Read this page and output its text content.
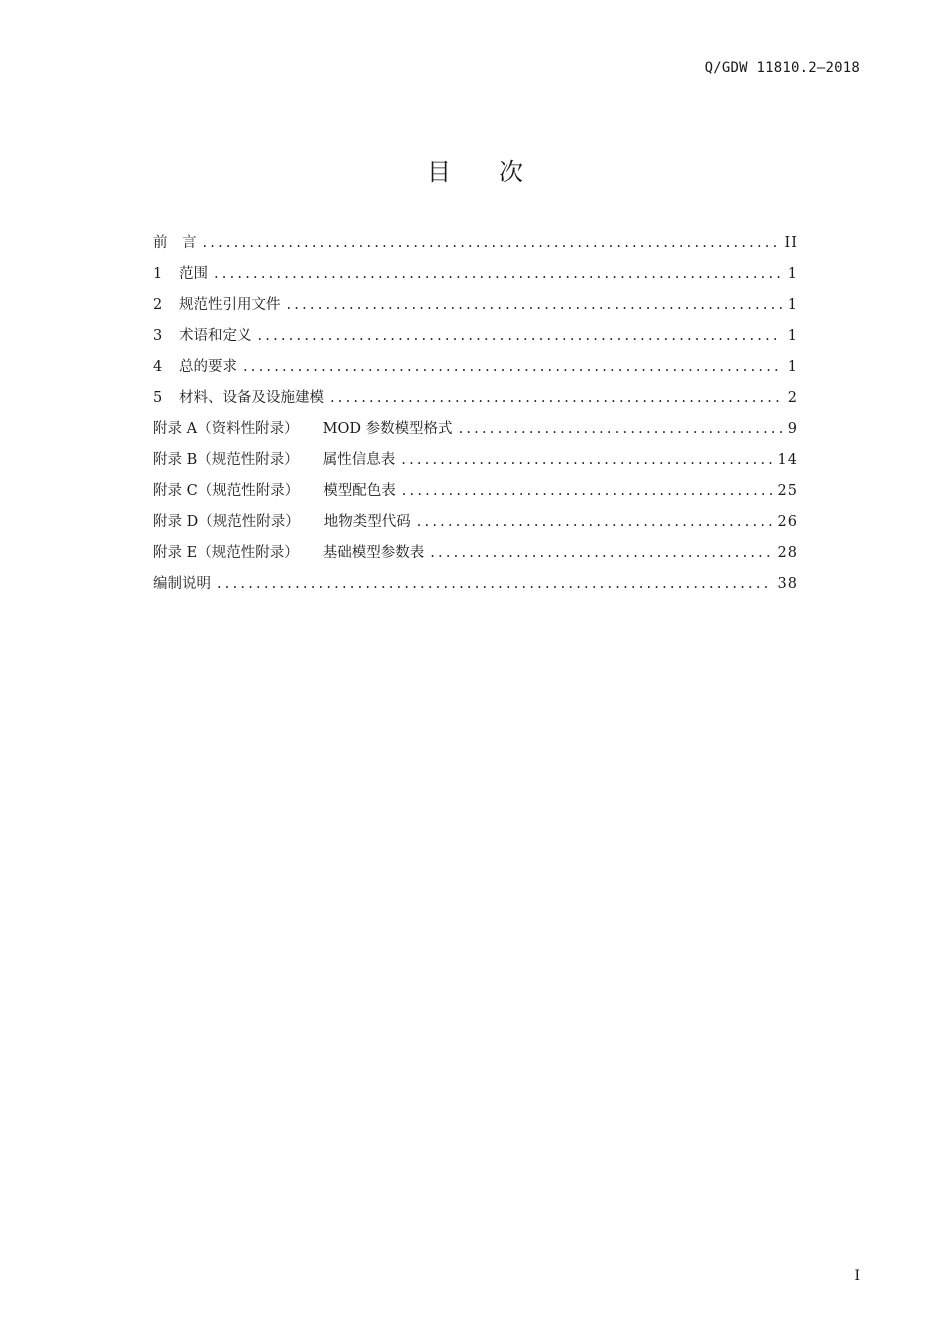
Q/GDW 11810.2—2018
目次
前　言 .....	II
1 范围 .....	1
2 规范性引用文件 .....	1
3 术语和定义 .....	1
4 总的要求 .....	1
5 材料、设备及设施建模 .....	2
附录 A（资料性附录） MOD 参数模型格式 .....	9
附录 B（规范性附录） 属性信息表 .....	14
附录 C（规范性附录） 模型配色表 .....	25
附录 D（规范性附录） 地物类型代码 .....	26
附录 E（规范性附录） 基础模型参数表 .....	28
编制说明 .....	38
I
